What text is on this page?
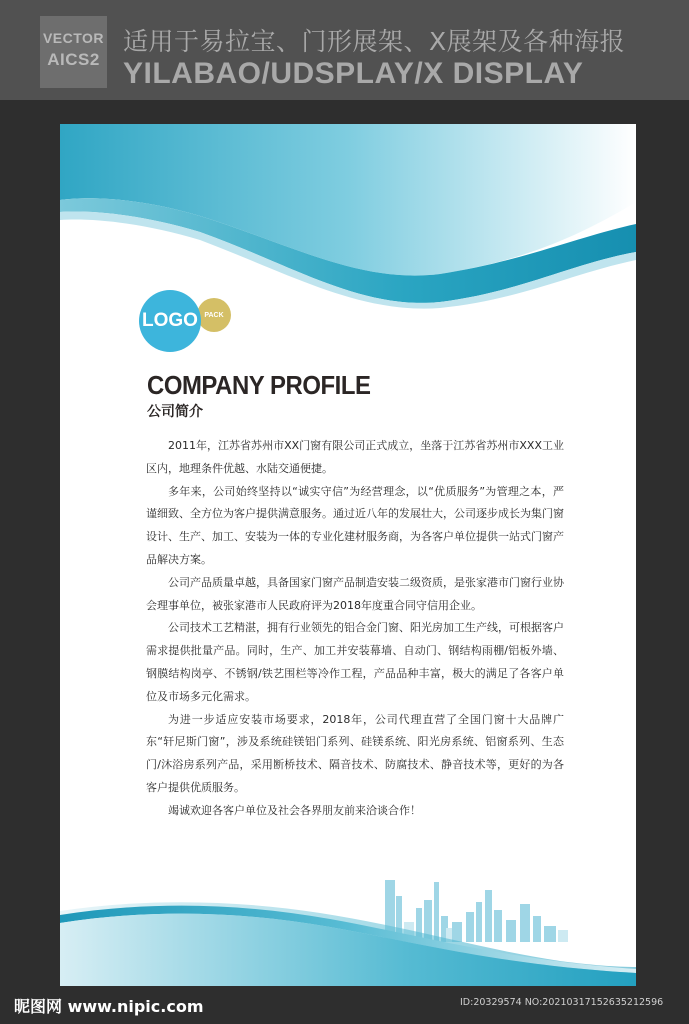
VECTOR
AICS2
适用于易拉宝、门形展架、X展架及各种海报
YILABAO/UDSPLAY/X DISPLAY
PACK
LOGO
COMPANY PROFILE
公司简介

2011年，江苏省苏州市XX门窗有限公司正式成立，坐落于江苏省苏州市XXX工业区内，地理条件优越、水陆交通便捷。

多年来，公司始终坚持以“诚实守信”为经营理念，以“优质服务”为管理之本，严谨细致、全方位为客户提供满意服务。通过近八年的发展壮大，公司逐步成长为集门窗设计、生产、加工、安装为一体的专业化建材服务商，为各客户单位提供一站式门窗产品解决方案。

公司产品质量卓越，具备国家门窗产品制造安装二级资质，是张家港市门窗行业协会理事单位，被张家港市人民政府评为2018年度重合同守信用企业。

公司技术工艺精湛，拥有行业领先的铝合金门窗、阳光房加工生产线，可根据客户需求提供批量产品。同时，生产、加工并安装幕墙、自动门、钢结构雨棚/铝板外墙、钢膜结构岗亭、不锈钢/铁艺围栏等冷作工程，产品品种丰富，极大的满足了各客户单位及市场多元化需求。

为进一步适应安装市场要求，2018年，公司代理直营了全国门窗十大品牌广东“轩尼斯门窗”，涉及系统硅镁铝门系列、硅镁系统、阳光房系统、铝窗系列、生态门/沐浴房系列产品，采用断桥技术、隔音技术、防腐技术、静音技术等，更好的为各客户提供优质服务。

竭诚欢迎各客户单位及社会各界朋友前来洽谈合作！

昵图网 www.nipic.com	ID:20329574 NO:20210317152635212596
